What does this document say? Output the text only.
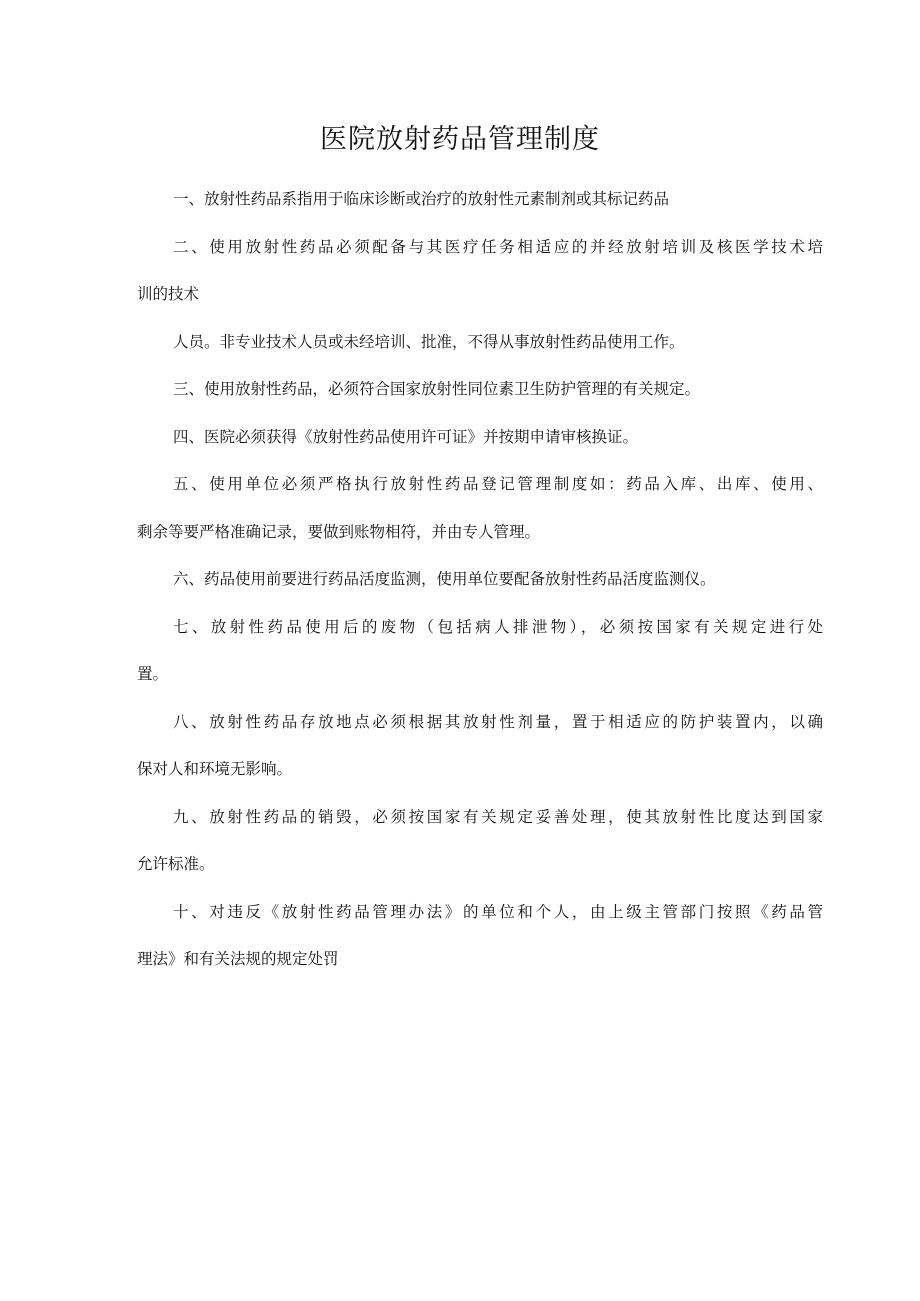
医院放射药品管理制度

一、放射性药品系指用于临床诊断或治疗的放射性元素制剂或其标记药品

二、使用放射性药品必须配备与其医疗任务相适应的并经放射培训及核医学技术培

训的技术

人员。非专业技术人员或未经培训、批准，不得从事放射性药品使用工作。

三、使用放射性药品，必须符合国家放射性同位素卫生防护管理的有关规定。

四、医院必须获得《放射性药品使用许可证》并按期申请审核换证。

五、使用单位必须严格执行放射性药品登记管理制度如：药品入库、出库、使用、

剩余等要严格准确记录，要做到账物相符，并由专人管理。

六、药品使用前要进行药品活度监测，使用单位要配备放射性药品活度监测仪。

七、放射性药品使用后的废物（包括病人排泄物），必须按国家有关规定进行处

置。

八、放射性药品存放地点必须根据其放射性剂量，置于相适应的防护装置内，以确

保对人和环境无影响。

九、放射性药品的销毁，必须按国家有关规定妥善处理，使其放射性比度达到国家

允许标准。

十、对违反《放射性药品管理办法》的单位和个人，由上级主管部门按照《药品管

理法》和有关法规的规定处罚
